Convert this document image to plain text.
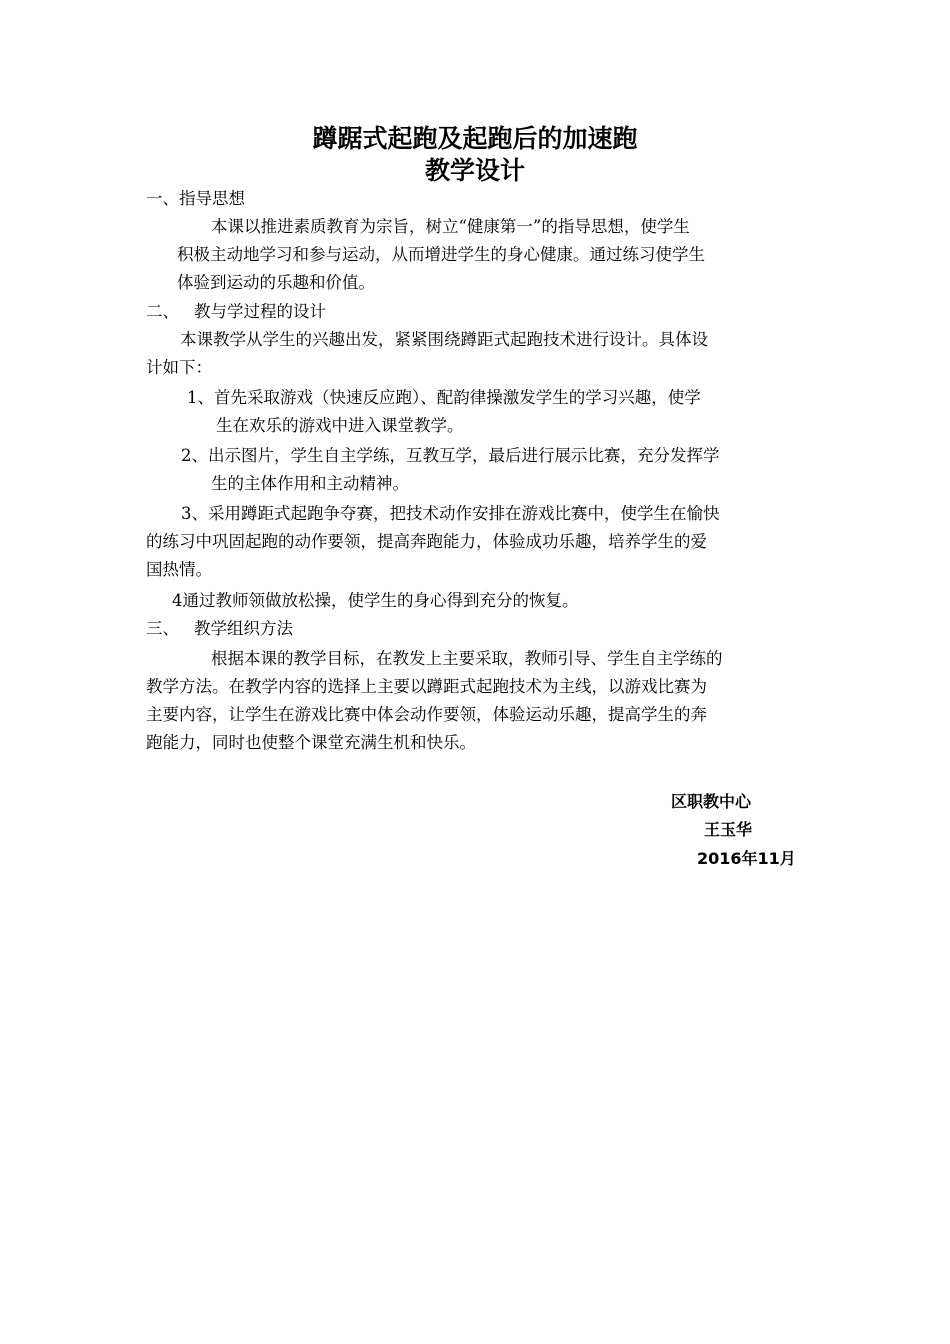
蹲踞式起跑及起跑后的加速跑
教学设计
一、指导思想
本课以推进素质教育为宗旨，树立“健康第一”的指导思想，使学生
积极主动地学习和参与运动，从而增进学生的身心健康。通过练习使学生
体验到运动的乐趣和价值。
二、 教与学过程的设计
本课教学从学生的兴趣出发，紧紧围绕蹲距式起跑技术进行设计。具体设
计如下：
1、首先采取游戏（快速反应跑）、配韵律操激发学生的学习兴趣，使学
生在欢乐的游戏中进入课堂教学。
2、出示图片，学生自主学练，互教互学，最后进行展示比赛，充分发挥学
生的主体作用和主动精神。
3、采用蹲距式起跑争夺赛，把技术动作安排在游戏比赛中，使学生在愉快
的练习中巩固起跑的动作要领，提高奔跑能力，体验成功乐趣，培养学生的爱
国热情。
4通过教师领做放松操，使学生的身心得到充分的恢复。
三、 教学组织方法
根据本课的教学目标，在教发上主要采取，教师引导、学生自主学练的
教学方法。在教学内容的选择上主要以蹲距式起跑技术为主线，以游戏比赛为
主要内容，让学生在游戏比赛中体会动作要领，体验运动乐趣，提高学生的奔
跑能力，同时也使整个课堂充满生机和快乐。
区职教中心
王玉华
2016年11月
